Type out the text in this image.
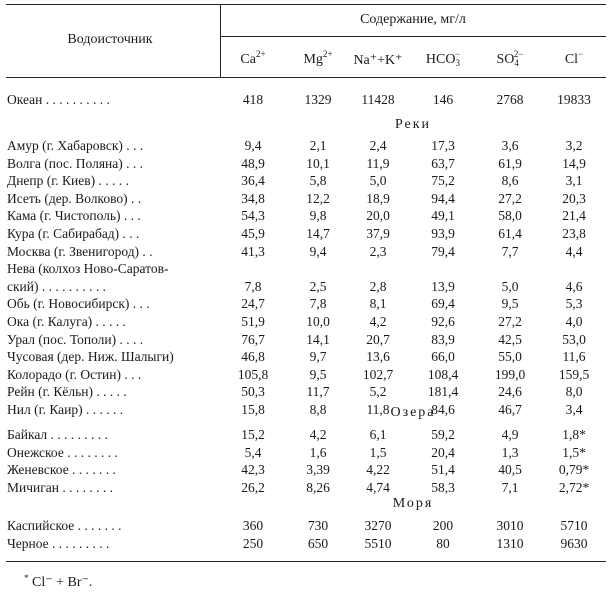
Водоисточник
Содержание, мг/л
$Ca^{2+}$	$Mg^{2+}$	Na⁺+K⁺	$HCO_3^-$	$SO_4^{2-}$	Cl−
Океан . . . . . . . . . .	418	1329	11428	146	2768	19833
Реки
Амур (г. Хабаровск) . . .	9,4	2,1	2,4	17,3	3,6	3,2
Волга (пос. Поляна) . . .	48,9	10,1	11,9	63,7	61,9	14,9
Днепр (г. Киев) . . . . .	36,4	5,8	5,0	75,2	8,6	3,1
Исеть (дер. Волково) . .	34,8	12,2	18,9	94,4	27,2	20,3
Кама (г. Чистополь) . . .	54,3	9,8	20,0	49,1	58,0	21,4
Кура (г. Сабирабад) . . .	45,9	14,7	37,9	93,9	61,4	23,8
Москва (г. Звенигород) . .	41,3	9,4	2,3	79,4	7,7	4,4
Нева (колхоз Ново-Саратов-
ский) . . . . . . . . . .	7,8	2,5	2,8	13,9	5,0	4,6
Обь (г. Новосибирск) . . .	24,7	7,8	8,1	69,4	9,5	5,3
Ока (г. Калуга) . . . . .	51,9	10,0	4,2	92,6	27,2	4,0
Урал (пос. Тополи) . . . .	76,7	14,1	20,7	83,9	42,5	53,0
Чусовая (дер. Ниж. Шалыги)	46,8	9,7	13,6	66,0	55,0	11,6
Колорадо (г. Остин) . . .	105,8	9,5	102,7	108,4	199,0	159,5
Рейн (г. Кёльн) . . . . .	50,3	11,7	5,2	181,4	24,6	8,0
Нил (г. Каир) . . . . . .	15,8	8,8	11,8	84,6	46,7	3,4
Озера
Байкал . . . . . . . . .	15,2	4,2	6,1	59,2	4,9	1,8*
Онежское . . . . . . . .	5,4	1,6	1,5	20,4	1,3	1,5*
Женевское . . . . . . .	42,3	3,39	4,22	51,4	40,5	0,79*
Мичиган . . . . . . . .	26,2	8,26	4,74	58,3	7,1	2,72*
Моря
Каспийское . . . . . . .	360	730	3270	200	3010	5710
Черное . . . . . . . . .	250	650	5510	80	1310	9630
* Cl⁻ + Br⁻.
